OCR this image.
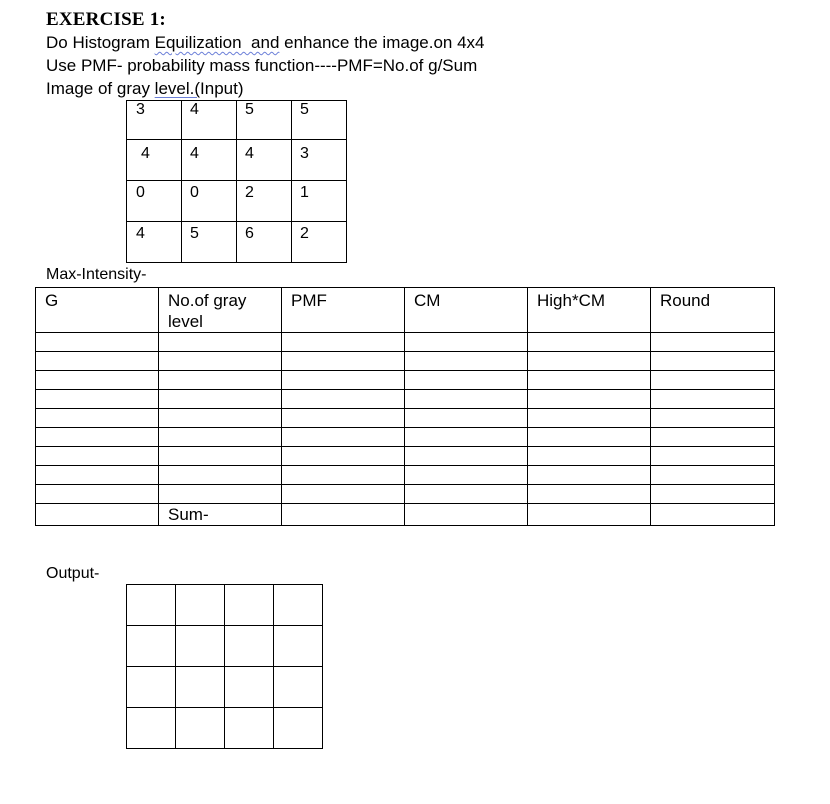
EXERCISE 1:
Do Histogram Equilization  and enhance the image.on 4x4
Use PMF- probability mass function----PMF=No.of g/Sum
Image of gray level.(Input)
3	4	5	5

4	4	4	3

0	0	2	1

4	5	6	2
Max-Intensity-
G	No.of gray level	PMF	CM	High*CM	Round

	Sum-				
Output-
